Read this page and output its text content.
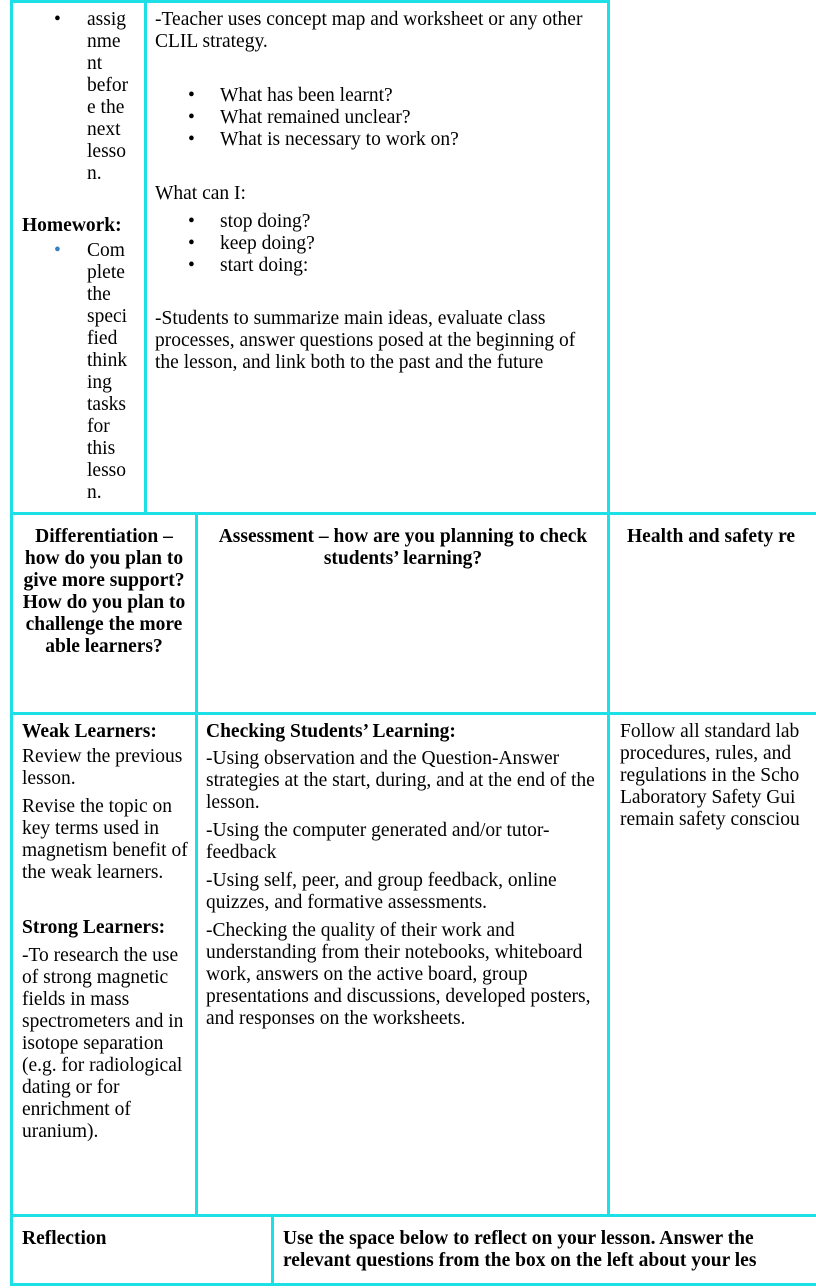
• assig
nme
nt
befor
e the
next
lesso
n.
Homework:
• Com
plete
the
speci
fied
think
ing
tasks
for
this
lesso
n.

-Teacher uses concept map and worksheet or any other CLIL strategy.

• What has been learnt?
• What remained unclear?
• What is necessary to work on?

What can I:

• stop doing?
• keep doing?
• start doing:

-Students to summarize main ideas, evaluate class processes, answer questions posed at the beginning of the lesson, and link both to the past and the future

Differentiation – how do you plan to give more support? How do you plan to challenge the more able learners?
Assessment – how are you planning to check students’ learning?
Health and safety re
Weak Learners:

Review the previous lesson.

Revise the topic on key terms used in magnetism benefit of the weak learners.

Strong Learners:

-To research the use of strong magnetic fields in mass spectrometers and in isotope separation (e.g. for radiological dating or for enrichment of uranium).

Checking Students’ Learning:

-Using observation and the Question-Answer strategies at the start, during, and at the end of the lesson.

-Using the computer generated and/or tutor-feedback

-Using self, peer, and group feedback, online quizzes, and formative assessments.

-Checking the quality of their work and understanding from their notebooks, whiteboard work, answers on the active board, group presentations and discussions, developed posters, and responses on the worksheets.

Follow all standard lab
procedures, rules, and
regulations in the Scho
Laboratory Safety Gui
remain safety consciou
Reflection	Use the space below to reflect on your lesson. Answer the
relevant questions from the box on the left about your les
